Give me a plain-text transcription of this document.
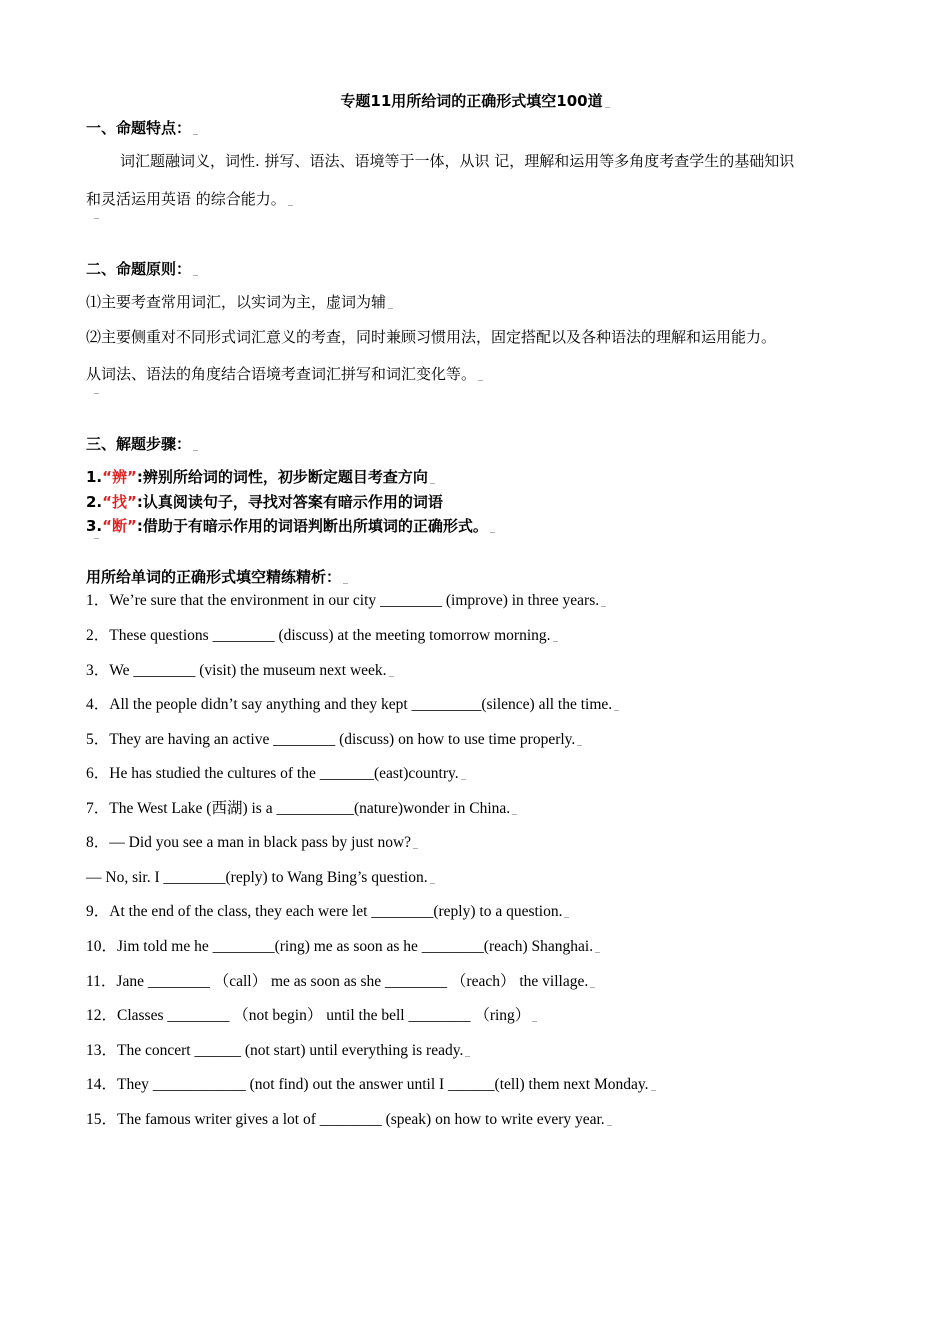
专题11用所给词的正确形式填空100道
一、命题特点：
词汇题融词义，词性. 拼写、语法、语境等于一体，从识 记，理解和运用等多角度考查学生的基础知识
和灵活运用英语 的综合能力。
二、命题原则：
⑴主要考查常用词汇，以实词为主，虚词为辅
⑵主要侧重对不同形式词汇意义的考查，同时兼顾习惯用法，固定搭配以及各种语法的理解和运用能力。
从词法、语法的角度结合语境考查词汇拼写和词汇变化等。
三、解题步骤：
1.“辨”:辨别所给词的词性，初步断定题目考查方向
2.“找”:认真阅读句子，寻找对答案有暗示作用的词语
3.“断”:借助于有暗示作用的词语判断出所填词的正确形式。
用所给单词的正确形式填空精练精析：
1．We’re sure that the environment in our city ________ (improve) in three years.
2．These questions ________ (discuss) at the meeting tomorrow morning.
3．We ________ (visit) the museum next week.
4．All the people didn’t say anything and they kept _________(silence) all the time.
5．They are having an active ________ (discuss) on how to use time properly.
6．He has studied the cultures of the _______(east)country.
7．The West Lake (西湖) is a __________(nature)wonder in China.
8．— Did you see a man in black pass by just now?
— No, sir. I ________(reply) to Wang Bing’s question.
9．At the end of the class, they each were let ________(reply) to a question.
10．Jim told me he ________(ring) me as soon as he ________(reach) Shanghai.
11．Jane ________ （call） me as soon as she ________ （reach） the village.
12．Classes ________ （not begin） until the bell ________ （ring）
13．The concert ______ (not start) until everything is ready.
14．They ____________ (not find) out the answer until I ______(tell) them next Monday.
15．The famous writer gives a lot of ________ (speak) on how to write every year.
